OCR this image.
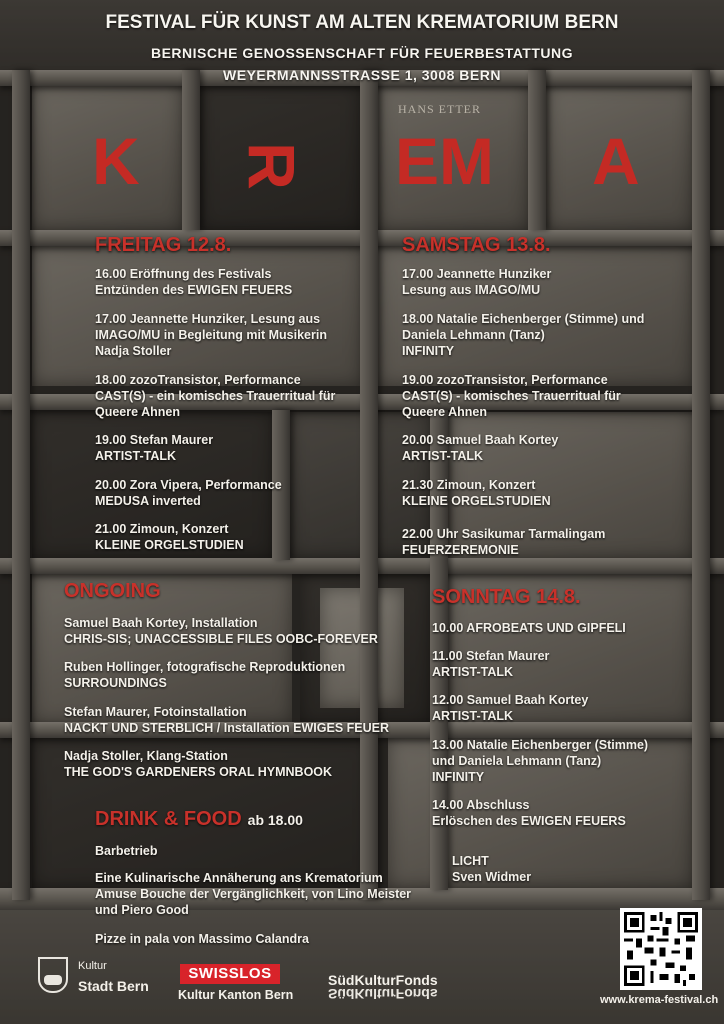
HANS ETTER
FESTIVAL FÜR KUNST AM ALTEN KREMATORIUM BERN
BERNISCHE GENOSSENSCHAFT FÜR FEUERBESTATTUNG
WEYERMANNSSTRASSE 1, 3008 BERN
K R EM A
FREITAG 12.8.
16.00 Eröffnung des Festivals
Entzünden des EWIGEN FEUERS
17.00 Jeannette Hunziker, Lesung aus
IMAGO/MU in Begleitung mit Musikerin
Nadja Stoller
18.00 zozoTransistor, Performance
CAST(S) - ein komisches Trauerritual für
Queere Ahnen
19.00 Stefan Maurer
ARTIST-TALK
20.00 Zora Vipera, Performance
MEDUSA inverted
21.00 Zimoun, Konzert
KLEINE ORGELSTUDIEN
SAMSTAG 13.8.
17.00 Jeannette Hunziker
Lesung aus IMAGO/MU
18.00 Natalie Eichenberger (Stimme) und
Daniela Lehmann (Tanz)
INFINITY
19.00 zozoTransistor, Performance
CAST(S) - komisches Trauerritual für
Queere Ahnen
20.00 Samuel Baah Kortey
ARTIST-TALK
21.30 Zimoun, Konzert
KLEINE ORGELSTUDIEN
22.00 Uhr Sasikumar Tarmalingam
FEUERZEREMONIE
ONGOING
Samuel Baah Kortey, Installation
CHRIS-SIS; UNACCESSIBLE FILES OOBC-FOREVER
Ruben Hollinger, fotografische Reproduktionen
SURROUNDINGS
Stefan Maurer, Fotoinstallation
NACKT UND STERBLICH / Installation EWIGES FEUER
Nadja Stoller, Klang-Station
THE GOD'S GARDENERS ORAL HYMNBOOK
SONNTAG 14.8.
10.00 AFROBEATS UND GIPFELI
11.00 Stefan Maurer
ARTIST-TALK
12.00 Samuel Baah Kortey
ARTIST-TALK
13.00 Natalie Eichenberger (Stimme)
und Daniela Lehmann (Tanz)
INFINITY
14.00 Abschluss
Erlöschen des EWIGEN FEUERS
LICHT
Sven Widmer
DRINK & FOOD ab 18.00
Barbetrieb
Eine Kulinarische Annäherung ans Krematorium
Amuse Bouche der Vergänglichkeit, von Lino Meister
und Piero Good
Pizze in pala von Massimo Calandra
Kultur
Stadt Bern
SWISSLOS
Kultur Kanton Bern
SüdKulturFonds
SüdKulturFonds	www.krema-festival.ch
